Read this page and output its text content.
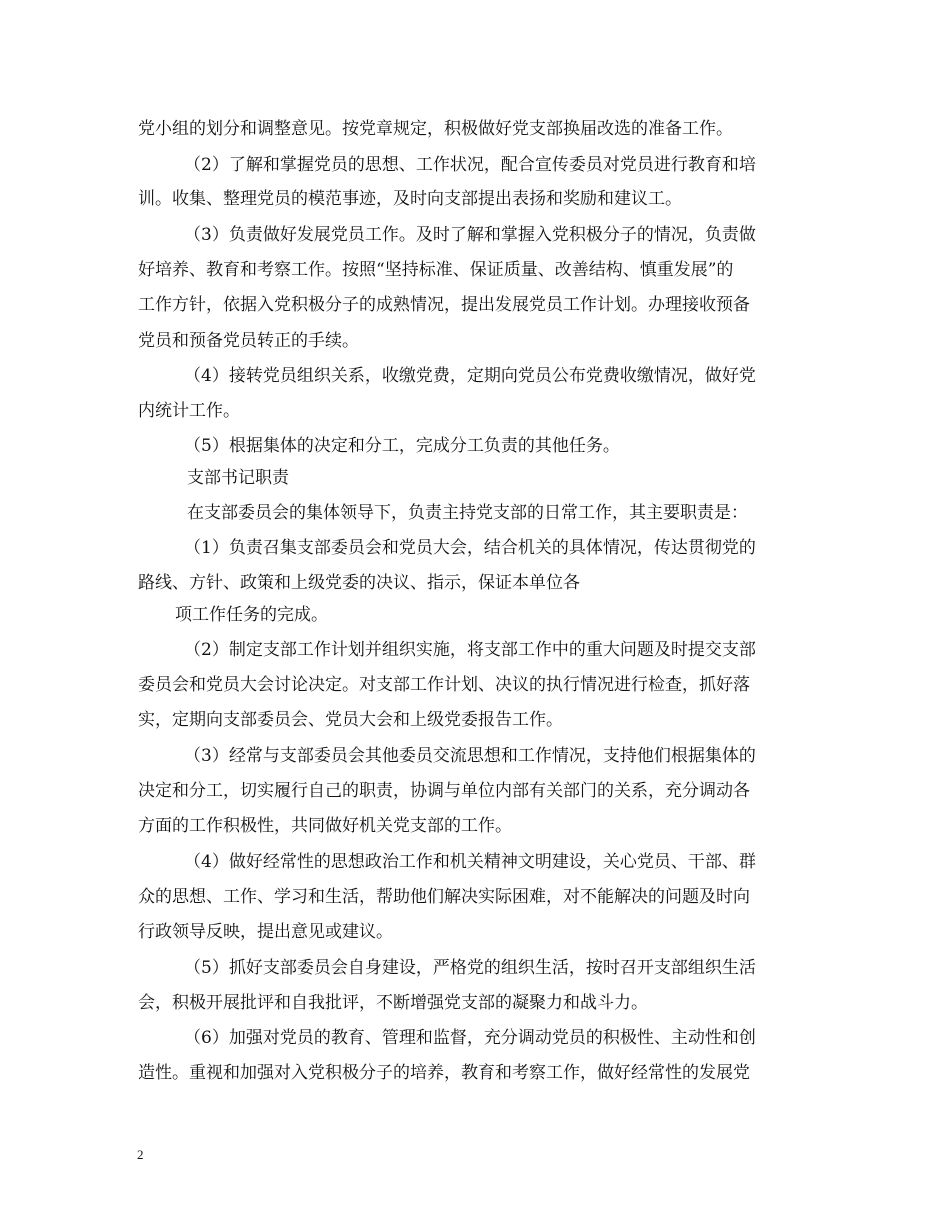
党小组的划分和调整意见。按党章规定，积极做好党支部换届改选的准备工作。
（2）了解和掌握党员的思想、工作状况，配合宣传委员对党员进行教育和培
训。收集、整理党员的模范事迹，及时向支部提出表扬和奖励和建议工。
（3）负责做好发展党员工作。及时了解和掌握入党积极分子的情况，负责做
好培养、教育和考察工作。按照“坚持标准、保证质量、改善结构、慎重发展”的
工作方针，依据入党积极分子的成熟情况，提出发展党员工作计划。办理接收预备
党员和预备党员转正的手续。
（4）接转党员组织关系，收缴党费，定期向党员公布党费收缴情况，做好党
内统计工作。
（5）根据集体的决定和分工，完成分工负责的其他任务。
支部书记职责
在支部委员会的集体领导下，负责主持党支部的日常工作，其主要职责是：
（1）负责召集支部委员会和党员大会，结合机关的具体情况，传达贯彻党的
路线、方针、政策和上级党委的决议、指示，保证本单位各
项工作任务的完成。
（2）制定支部工作计划并组织实施，将支部工作中的重大问题及时提交支部
委员会和党员大会讨论决定。对支部工作计划、决议的执行情况进行检查，抓好落
实，定期向支部委员会、党员大会和上级党委报告工作。
（3）经常与支部委员会其他委员交流思想和工作情况，支持他们根据集体的
决定和分工，切实履行自己的职责，协调与单位内部有关部门的关系，充分调动各
方面的工作积极性，共同做好机关党支部的工作。
（4）做好经常性的思想政治工作和机关精神文明建设，关心党员、干部、群
众的思想、工作、学习和生活，帮助他们解决实际困难，对不能解决的问题及时向
行政领导反映，提出意见或建议。
（5）抓好支部委员会自身建设，严格党的组织生活，按时召开支部组织生活
会，积极开展批评和自我批评，不断增强党支部的凝聚力和战斗力。
（6）加强对党员的教育、管理和监督，充分调动党员的积极性、主动性和创
造性。重视和加强对入党积极分子的培养，教育和考察工作，做好经常性的发展党
2
